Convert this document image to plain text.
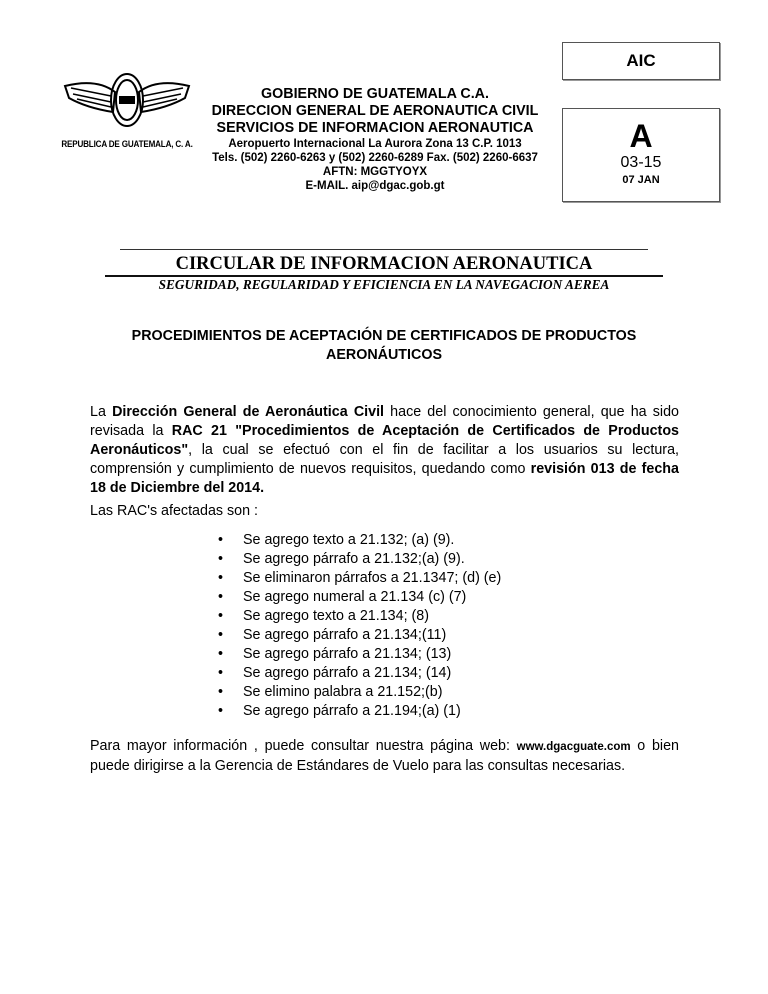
REPUBLICA DE GUATEMALA, C. A.
GOBIERNO DE GUATEMALA C.A.
DIRECCION GENERAL DE AERONAUTICA CIVIL
SERVICIOS DE INFORMACION AERONAUTICA
Aeropuerto Internacional La Aurora Zona 13 C.P. 1013
Tels. (502) 2260-6263 y (502) 2260-6289 Fax. (502) 2260-6637
AFTN: MGGTYOYX
E-MAIL. aip@dgac.gob.gt
AIC
A
03-15
07 JAN
CIRCULAR DE INFORMACION AERONAUTICA
SEGURIDAD, REGULARIDAD Y EFICIENCIA EN LA NAVEGACION AEREA
PROCEDIMIENTOS DE ACEPTACIÓN DE CERTIFICADOS DE PRODUCTOS AERONÁUTICOS
La Dirección General de Aeronáutica Civil hace del conocimiento general, que ha sido revisada la RAC 21 "Procedimientos de Aceptación de Certificados de Productos Aeronáuticos", la cual se efectuó con el fin de facilitar a los usuarios su lectura, comprensión y cumplimiento de nuevos requisitos, quedando como revisión 013 de fecha 18 de Diciembre del 2014.
Las RAC's afectadas son :
• Se agrego texto a 21.132; (a) (9).
• Se agrego párrafo a 21.132;(a) (9).
• Se eliminaron párrafos a 21.1347; (d) (e)
• Se agrego numeral a 21.134 (c) (7)
• Se agrego texto a 21.134; (8)
• Se agrego párrafo a 21.134;(11)
• Se agrego párrafo a 21.134; (13)
• Se agrego párrafo a 21.134; (14)
• Se elimino palabra a 21.152;(b)
• Se agrego párrafo a 21.194;(a) (1)
Para mayor información , puede consultar nuestra página web: www.dgacguate.com o bien puede dirigirse a la Gerencia de Estándares de Vuelo para las consultas necesarias.
